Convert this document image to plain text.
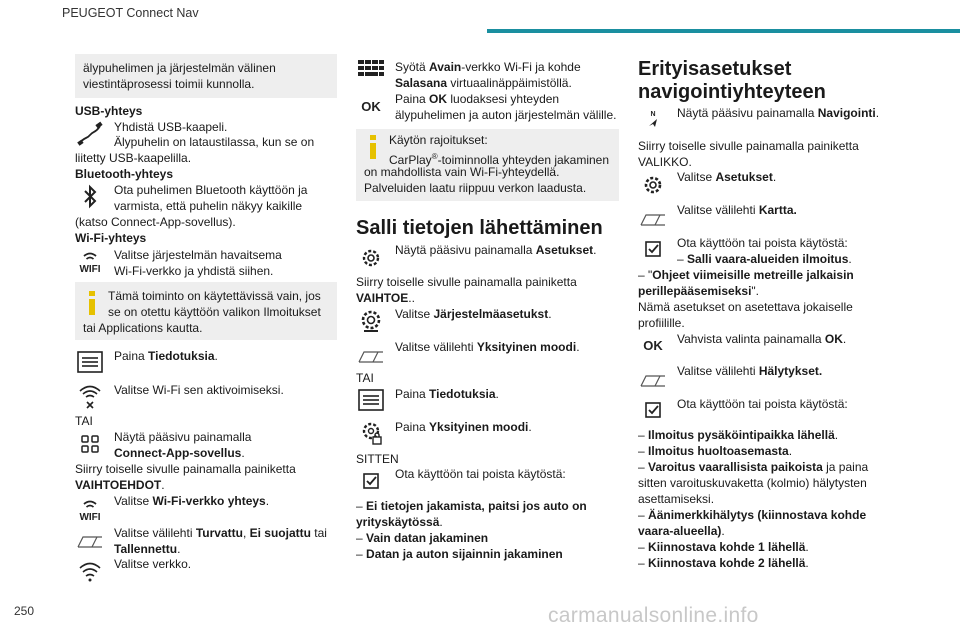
PEUGEOT Connect Nav
250	carmanualsonline.info
älypuhelimen ja järjestelmän välinen
viestintäprosessi toimii kunnolla.
USB-yhteys
Yhdistä USB-kaapeli.
Älypuhelin on lataustilassa, kun se on
liitetty USB-kaapelilla.
Bluetooth-yhteys
Ota puhelimen Bluetooth käyttöön ja
varmista, että puhelin näkyy kaikille
(katso Connect-App-sovellus).
Wi-Fi-yhteys
WIFI
Valitse järjestelmän havaitsema
Wi-Fi-verkko ja yhdistä siihen.
Tämä toiminto on käytettävissä vain, jos
se on otettu käyttöön valikon Ilmoitukset
tai Applications kautta.
Paina Tiedotuksia.
Valitse Wi-Fi sen aktivoimiseksi.
TAI
Näytä pääsivu painamalla
Connect-App-sovellus.
Siirry toiselle sivulle painamalla painiketta
VAIHTOEHDOT.
WIFI
Valitse Wi-Fi-verkko yhteys.
Valitse välilehti Turvattu, Ei suojattu tai
Tallennettu.
Valitse verkko.
Syötä Avain-verkko Wi-Fi ja kohde
Salasana virtuaalinäppäimistöllä.
OK Paina OK luodaksesi yhteyden
älypuhelimen ja auton järjestelmän välille.
Käytön rajoitukset:
CarPlay®-toiminnolla yhteyden jakaminen
on mahdollista vain Wi-Fi-yhteydellä.
Palveluiden laatu riippuu verkon laadusta.
Salli tietojen lähettäminen
Näytä pääsivu painamalla Asetukset.
Siirry toiselle sivulle painamalla painiketta
VAIHTOE..
Valitse Järjestelmäasetukst.
Valitse välilehti Yksityinen moodi.
TAI
Paina Tiedotuksia.
Paina Yksityinen moodi.
SITTEN
Ota käyttöön tai poista käytöstä:
– Ei tietojen jakamista, paitsi jos auto on
yrityskäytössä.
– Vain datan jakaminen
– Datan ja auton sijainnin jakaminen
Erityisasetukset
navigointiyhteyteen
N Näytä pääsivu painamalla Navigointi.
Siirry toiselle sivulle painamalla painiketta
VALIKKO.
Valitse Asetukset.
Valitse välilehti Kartta.
Ota käyttöön tai poista käytöstä:
– Salli vaara-alueiden ilmoitus.
– "Ohjeet viimeisille metreille jalkaisin
perillepääsemiseksi".
Nämä asetukset on asetettava jokaiselle
profiilille.
OK Vahvista valinta painamalla OK.
Valitse välilehti Hälytykset.
Ota käyttöön tai poista käytöstä:
– Ilmoitus pysäköintipaikka lähellä.
– Ilmoitus huoltoasemasta.
– Varoitus vaarallisista paikoista ja paina
sitten varoituskuvaketta (kolmio) hälytysten
asettamiseksi.
– Äänimerkkihälytys (kiinnostava kohde
vaara-alueella).
– Kiinnostava kohde 1 lähellä.
– Kiinnostava kohde 2 lähellä.
